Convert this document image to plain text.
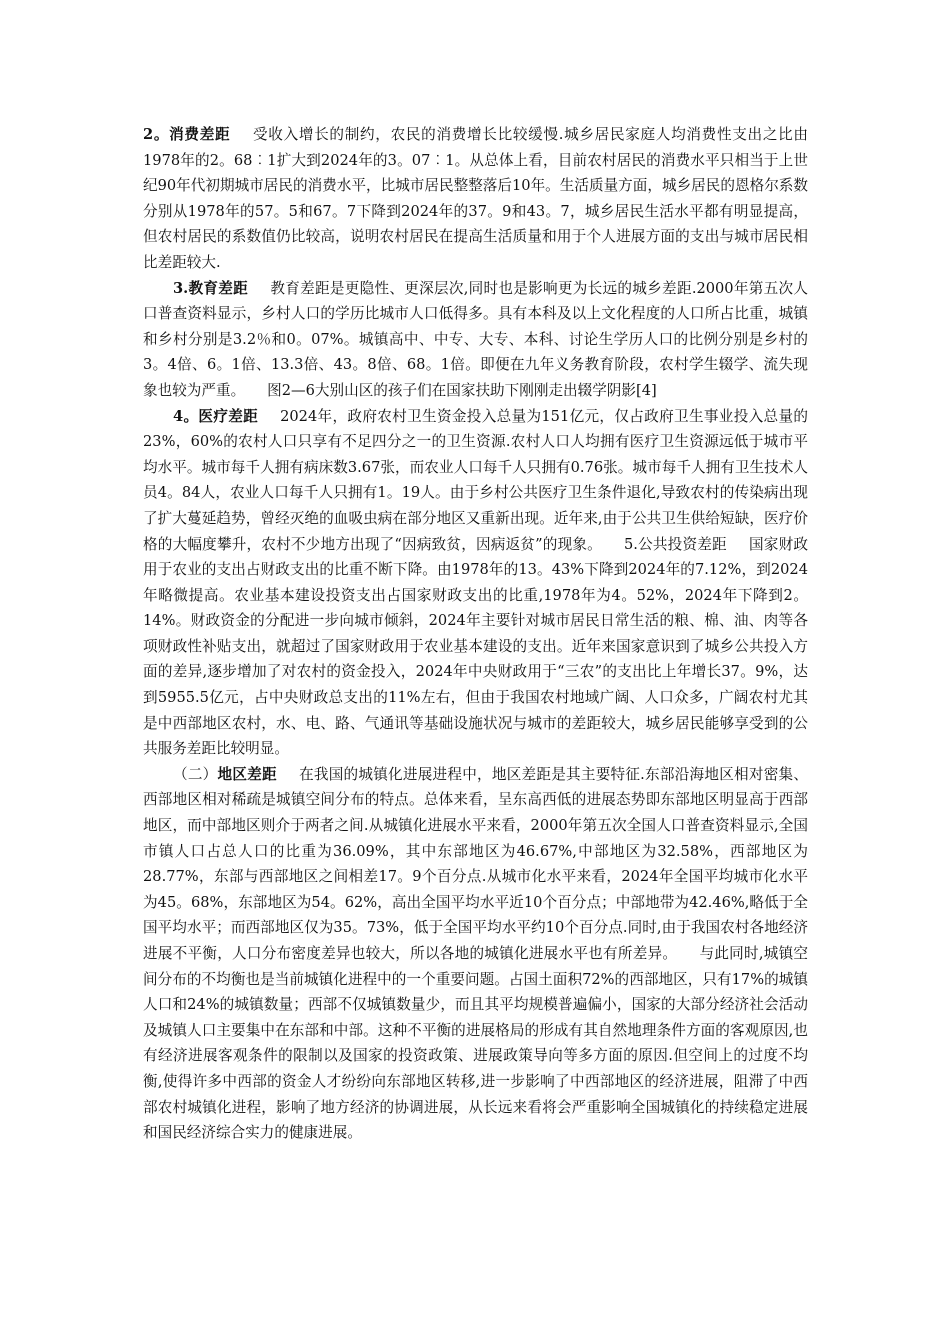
2。消费差距 受收入增长的制约，农民的消费增长比较缓慢.城乡居民家庭人均消费性支出之比由1978年的2。68︰1扩大到2024年的3。07︰1。从总体上看，目前农村居民的消费水平只相当于上世纪90年代初期城市居民的消费水平，比城市居民整整落后10年。生活质量方面，城乡居民的恩格尔系数分别从1978年的57。5和67。7下降到2024年的37。9和43。7，城乡居民生活水平都有明显提高，但农村居民的系数值仍比较高，说明农村居民在提高生活质量和用于个人进展方面的支出与城市居民相比差距较大.

3.教育差距 教育差距是更隐性、更深层次,同时也是影响更为长远的城乡差距.2000年第五次人口普查资料显示，乡村人口的学历比城市人口低得多。具有本科及以上文化程度的人口所占比重，城镇和乡村分别是3.2％和0。07%。城镇高中、中专、大专、本科、讨论生学历人口的比例分别是乡村的3。4倍、6。1倍、13.3倍、43。8倍、68。1倍。即便在九年义务教育阶段，农村学生辍学、流失现象也较为严重。 图2—6大别山区的孩子们在国家扶助下刚刚走出辍学阴影[4]

4。医疗差距 2024年，政府农村卫生资金投入总量为151亿元，仅占政府卫生事业投入总量的23%，60%的农村人口只享有不足四分之一的卫生资源.农村人口人均拥有医疗卫生资源远低于城市平均水平。城市每千人拥有病床数3.67张，而农业人口每千人只拥有0.76张。城市每千人拥有卫生技术人员4。84人，农业人口每千人只拥有1。19人。由于乡村公共医疗卫生条件退化,导致农村的传染病出现了扩大蔓延趋势，曾经灭绝的血吸虫病在部分地区又重新出现。近年来,由于公共卫生供给短缺，医疗价格的大幅度攀升，农村不少地方出现了“因病致贫，因病返贫”的现象。 5.公共投资差距 国家财政用于农业的支出占财政支出的比重不断下降。由1978年的13。43%下降到2024年的7.12%，到2024年略微提高。农业基本建设投资支出占国家财政支出的比重,1978年为4。52%，2024年下降到2。14%。财政资金的分配进一步向城市倾斜，2024年主要针对城市居民日常生活的粮、棉、油、肉等各项财政性补贴支出，就超过了国家财政用于农业基本建设的支出。近年来国家意识到了城乡公共投入方面的差异,逐步增加了对农村的资金投入，2024年中央财政用于“三农”的支出比上年增长37。9%，达到5955.5亿元，占中央财政总支出的11%左右，但由于我国农村地域广阔、人口众多，广阔农村尤其是中西部地区农村，水、电、路、气通讯等基础设施状况与城市的差距较大，城乡居民能够享受到的公共服务差距比较明显。

（二）地区差距 在我国的城镇化进展进程中，地区差距是其主要特征.东部沿海地区相对密集、西部地区相对稀疏是城镇空间分布的特点。总体来看，呈东高西低的进展态势即东部地区明显高于西部地区，而中部地区则介于两者之间.从城镇化进展水平来看，2000年第五次全国人口普查资料显示,全国市镇人口占总人口的比重为36.09%，其中东部地区为46.67%,中部地区为32.58%，西部地区为28.77%，东部与西部地区之间相差17。9个百分点.从城市化水平来看，2024年全国平均城市化水平为45。68%，东部地区为54。62%，高出全国平均水平近10个百分点；中部地带为42.46%,略低于全国平均水平；而西部地区仅为35。73%，低于全国平均水平约10个百分点.同时,由于我国农村各地经济进展不平衡，人口分布密度差异也较大，所以各地的城镇化进展水平也有所差异。 与此同时,城镇空间分布的不均衡也是当前城镇化进程中的一个重要问题。占国土面积72%的西部地区，只有17%的城镇人口和24%的城镇数量；西部不仅城镇数量少，而且其平均规模普遍偏小，国家的大部分经济社会活动及城镇人口主要集中在东部和中部。这种不平衡的进展格局的形成有其自然地理条件方面的客观原因,也有经济进展客观条件的限制以及国家的投资政策、进展政策导向等多方面的原因.但空间上的过度不均衡,使得许多中西部的资金人才纷纷向东部地区转移,进一步影响了中西部地区的经济进展，阻滞了中西部农村城镇化进程，影响了地方经济的协调进展，从长远来看将会严重影响全国城镇化的持续稳定进展和国民经济综合实力的健康进展。
